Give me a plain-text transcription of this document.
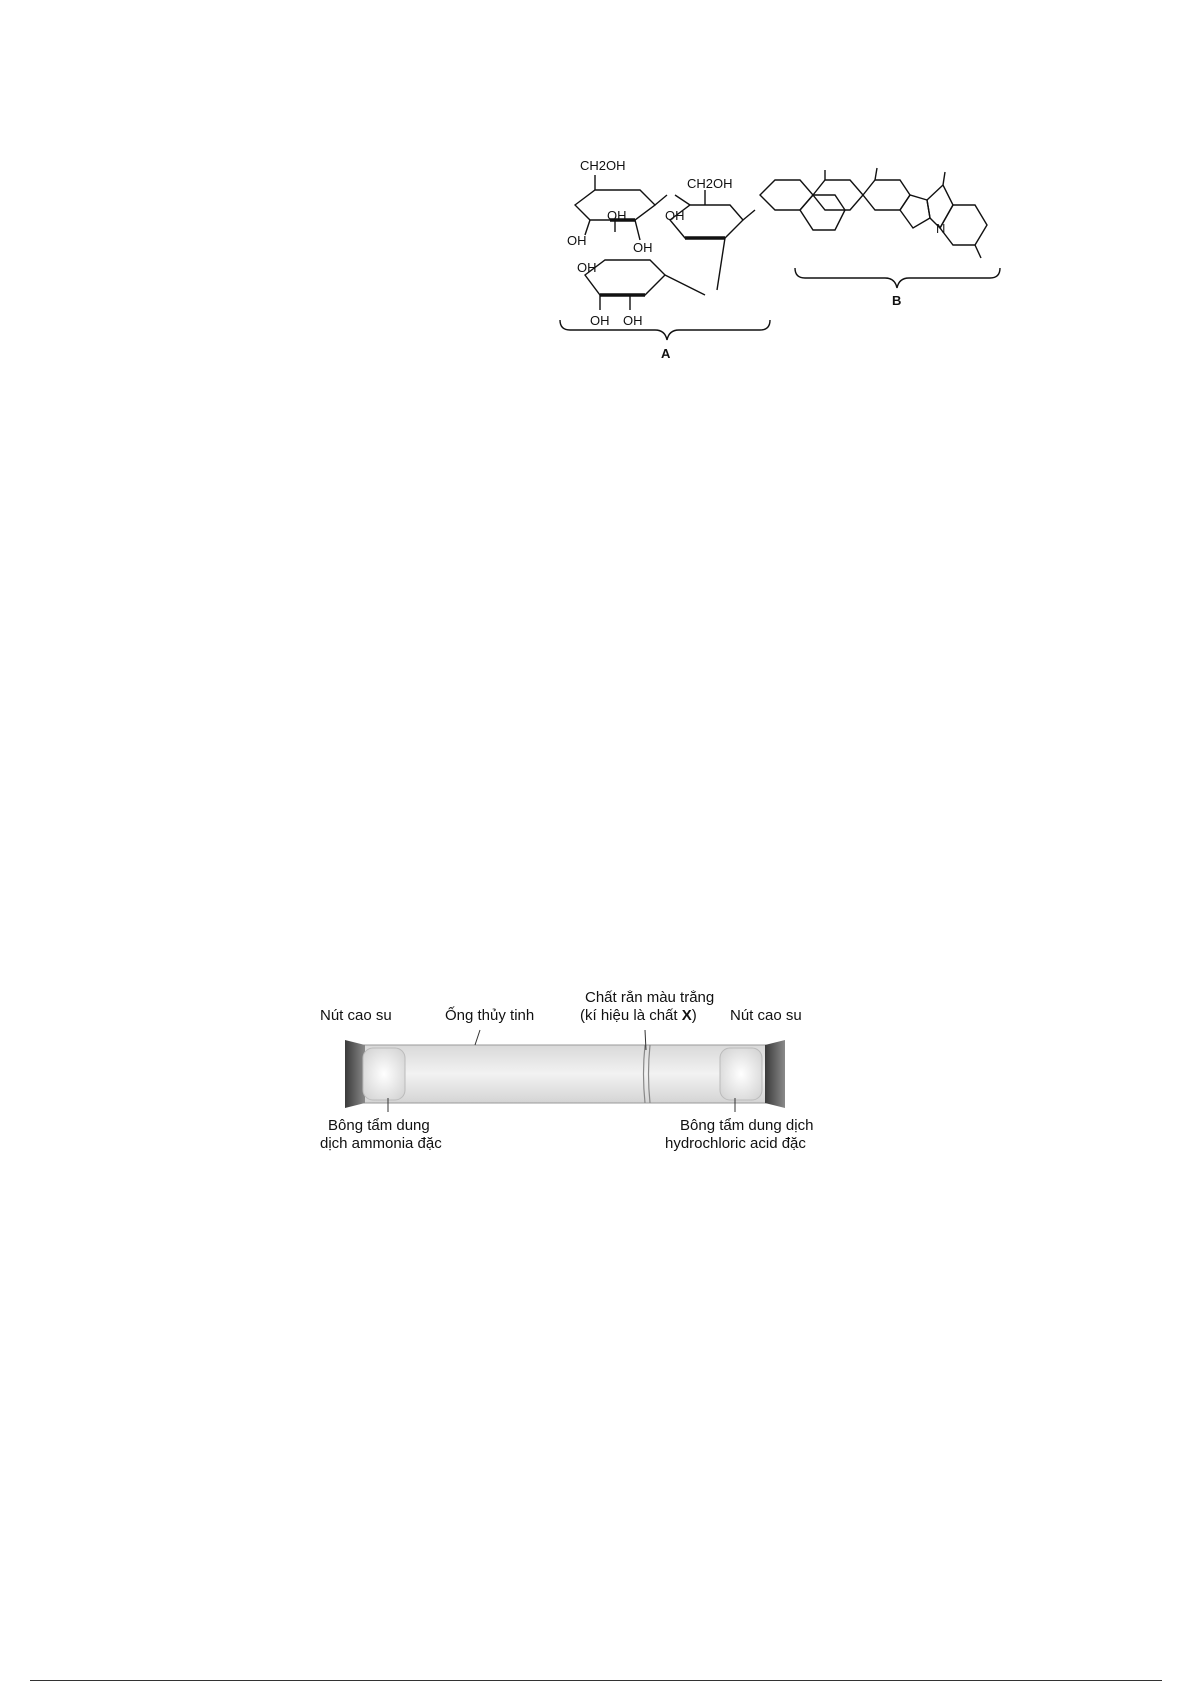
CH2OH
CH2OH
OH
OH
OH
OH
OH
OH OH
N
A
B
Nút cao su	Nút cao su
Ống thủy tinh
Chất rắn màu trắng
(kí hiệu là chất X)
Bông tẩm dung
dịch ammonia đặc
Bông tẩm dung dịch
hydrochloric acid đặc
